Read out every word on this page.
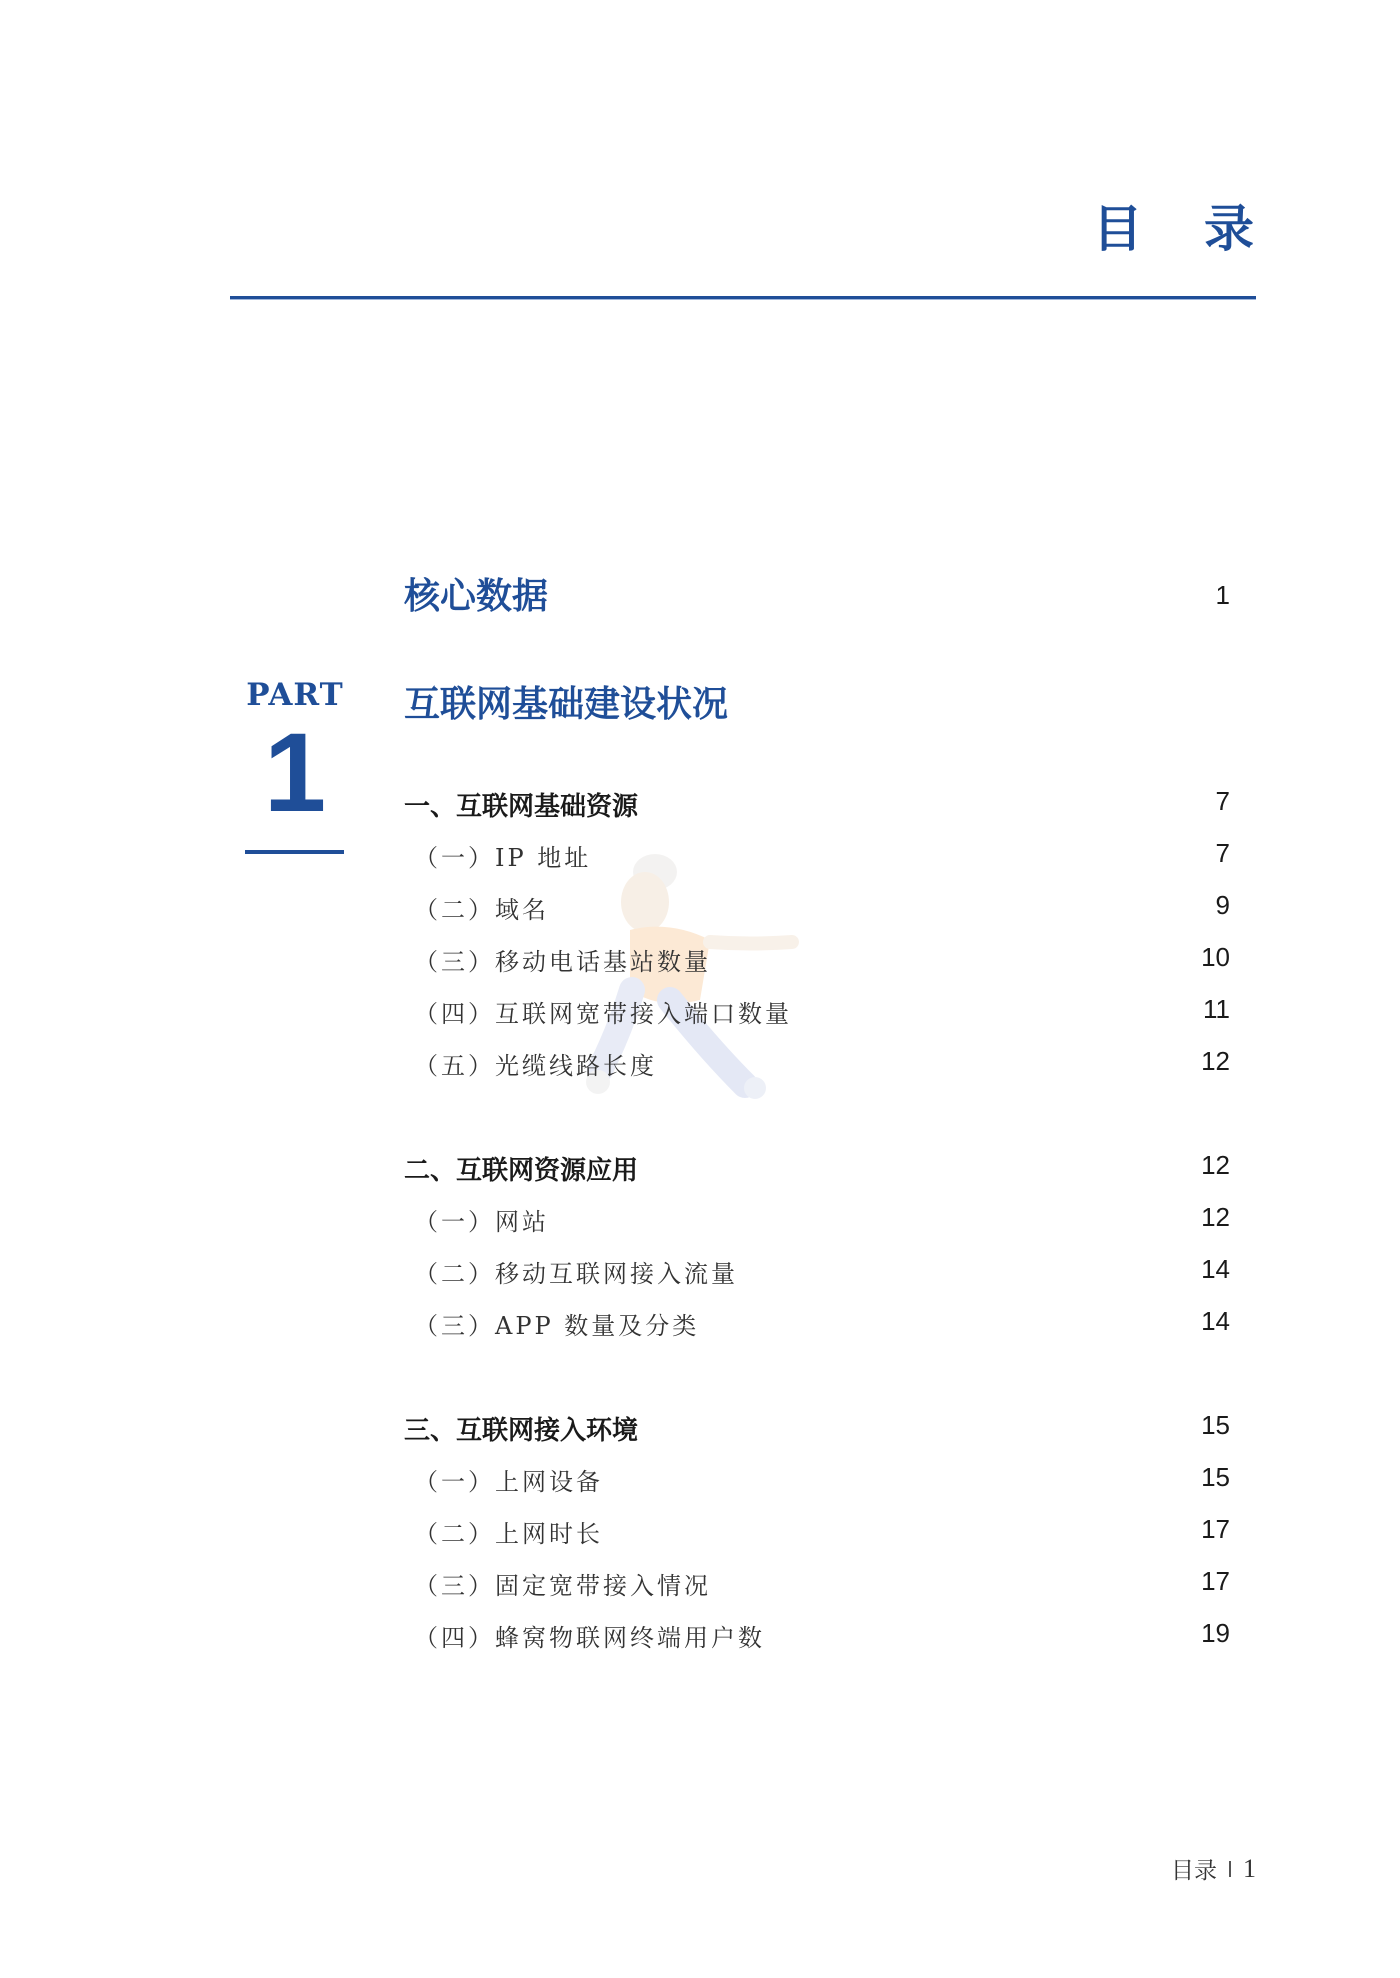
目 录
PART
1
核心数据	1
互联网基础建设状况
一、互联网基础资源	7
（一）IP 地址	7
（二）域名	9
（三）移动电话基站数量	10
（四）互联网宽带接入端口数量	11
（五）光缆线路长度	12
二、互联网资源应用	12
（一）网站	12
（二）移动互联网接入流量	14
（三）APP 数量及分类	14
三、互联网接入环境	15
（一）上网设备	15
（二）上网时长	17
（三）固定宽带接入情况	17
（四）蜂窝物联网终端用户数	19
目录 1
